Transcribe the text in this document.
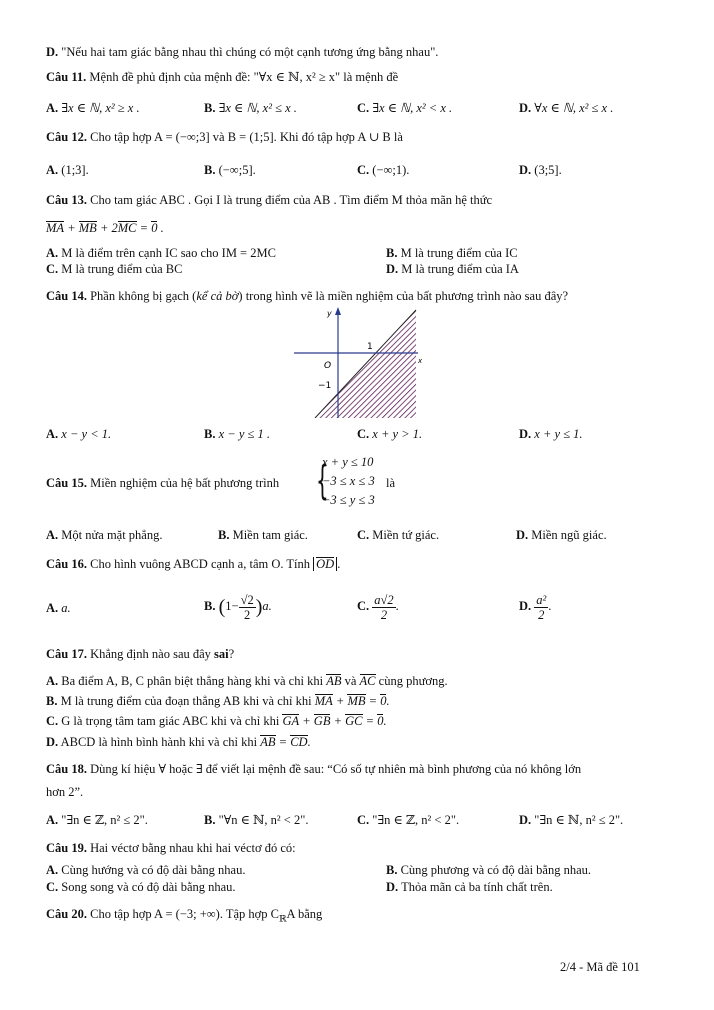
D. "Nếu hai tam giác bằng nhau thì chúng có một cạnh tương ứng bằng nhau".
Câu 11. Mệnh đề phủ định của mệnh đề: "∀x ∈ ℕ, x² ≥ x" là mệnh đề
A. ∃x ∈ ℕ, x² ≥ x .	B. ∃x ∈ ℕ, x² ≤ x .	C. ∃x ∈ ℕ, x² < x .	D. ∀x ∈ ℕ, x² ≤ x .
Câu 12. Cho tập hợp A = (−∞;3] và B = (1;5]. Khi đó tập hợp A ∪ B là
A. (1;3].	B. (−∞;5].	C. (−∞;1).	D. (3;5].
Câu 13. Cho tam giác ABC . Gọi I là trung điểm của AB . Tìm điểm M thỏa mãn hệ thức
MA + MB + 2MC = 0 .
A. M là điểm trên cạnh IC sao cho IM = 2MC	B. M là trung điểm của IC
C. M là trung điểm của BC	D. M là trung điểm của IA
Câu 14. Phần không bị gạch (kể cả bờ) trong hình vẽ là miền nghiệm của bất phương trình nào sau đây?
y
x
O
1
−1
A. x − y < 1.	B. x − y ≤ 1 .	C. x + y > 1.	D. x + y ≤ 1.
Câu 15. Miền nghiệm của hệ bất phương trình {
x + y ≤ 10
−3 ≤ x ≤ 3
−3 ≤ y ≤ 3
là
A. Một nửa mặt phẳng.	B. Miền tam giác.	C. Miền tứ giác.	D. Miền ngũ giác.
Câu 16. Cho hình vuông ABCD cạnh a, tâm O. Tính OD .
A. a.	B. $(1- \frac{√2}{2} )a$.	C. $\frac{a√2}{2}$ .	D. $\frac{\text{a²}}{2}$ .
Câu 17. Khẳng định nào sau đây sai?
A. Ba điểm A, B, C phân biệt thẳng hàng khi và chỉ khi AB và AC cùng phương.
B. M là trung điểm của đoạn thẳng AB khi và chỉ khi MA + MB = 0.
C. G là trọng tâm tam giác ABC khi và chỉ khi GA + GB + GC = 0.
D. ABCD là hình bình hành khi và chỉ khi AB = CD.
Câu 18. Dùng kí hiệu ∀ hoặc ∃ để viết lại mệnh đề sau: “Có số tự nhiên mà bình phương của nó không lớn
hơn 2”.
A. "∃n ∈ ℤ, n² ≤ 2".	B. "∀n ∈ ℕ, n² < 2".	C. "∃n ∈ ℤ, n² < 2".	D. "∃n ∈ ℕ, n² ≤ 2".
Câu 19. Hai véctơ bằng nhau khi hai véctơ đó có:
A. Cùng hướng và có độ dài bằng nhau.	B. Cùng phương và có độ dài bằng nhau.
C. Song song và có độ dài bằng nhau.	D. Thỏa mãn cả ba tính chất trên.
Câu 20. Cho tập hợp A = (−3; +∞). Tập hợp $C_ℝA$ bằng
2/4 - Mã đề 101
